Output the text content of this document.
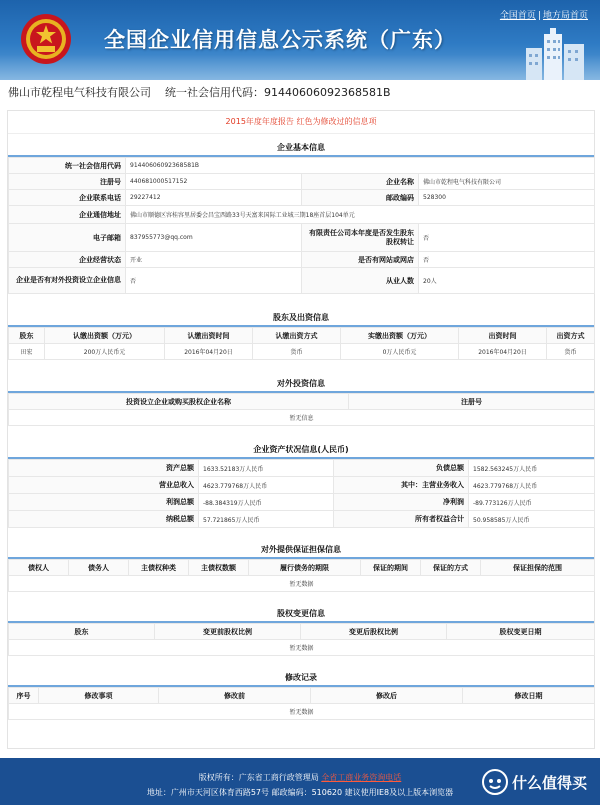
全国企业信用信息公示系统（广东）
全国首页 | 地方局首页
佛山市乾程电气科技有限公司 统一社会信用代码：91440606092368581B
2015年度年度报告 红色为修改过的信息项
企业基本信息
统一社会信用代码	91440606092368581B		
注册号	440681000517152	企业名称	佛山市乾程电气科技有限公司
企业联系电话	29227412	邮政编码	528300
企业通信地址	佛山市顺德区容桂容里居委会昌宝西路33号天富来国际工业城三期18座首层104单元		
电子邮箱	837955773@qq.com	有限责任公司本年度是否发生股东股权转让	否
企业经营状态	开业	是否有网站或网店	否
企业是否有对外投资设立企业信息	否	从业人数	20人
股东及出资信息
股东	认缴出资额（万元）	认缴出资时间	认缴出资方式	实缴出资额（万元）	出资时间	出资方式
田宏	200万人民币元	2016年04月20日	货币	0万人民币元	2016年04月20日	货币
对外投资信息
投资设立企业或购买股权企业名称	注册号
暂无信息
企业资产状况信息(人民币)
资产总额	1633.52183万人民币	负债总额	1582.563245万人民币
营业总收入	4623.779768万人民币	其中：主营业务收入	4623.779768万人民币
利润总额	-88.384319万人民币	净利润	-89.773126万人民币
纳税总额	57.721865万人民币	所有者权益合计	50.958585万人民币
对外提供保证担保信息
债权人	债务人	主债权种类	主债权数额	履行债务的期限	保证的期间	保证的方式	保证担保的范围
暂无数据
股权变更信息
股东	变更前股权比例	变更后股权比例	股权变更日期
暂无数据
修改记录
序号	修改事项	修改前	修改后	修改日期
暂无数据
版权所有：广东省工商行政管理局 全省工商业务咨询电话
地址：广州市天河区体育西路57号 邮政编码：510620 建议使用IE8及以上版本浏览器
什么值得买
